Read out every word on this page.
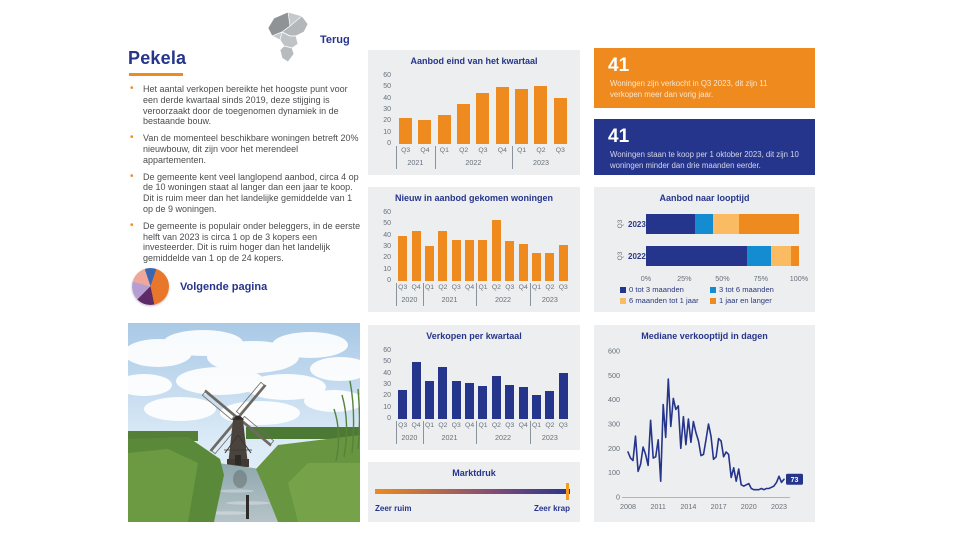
Terug
Pekela
• Het aantal verkopen bereikte het hoogste punt voor een derde kwartaal sinds 2019, deze stijging is veroorzaakt door de toegenomen dynamiek in de bestaande bouw.
• Van de momenteel beschikbare woningen betreft 20% nieuwbouw, dit zijn voor het merendeel appartementen.
• De gemeente kent veel langlopend aanbod, circa 4 op de 10 woningen staat al langer dan een jaar te koop. Dit is ruim meer dan het landelijke gemiddelde van 1 op de 9 woningen.
• De gemeente is populair onder beleggers, in de eerste helft van 2023 is circa 1 op de 3 kopers een investeerder. Dit is ruim hoger dan het landelijk gemiddelde van 1 op de 24 kopers.
Volgende pagina
Aanbod eind van het kwartaal
0
10
20
30
40
50
60
Q3	Q4	Q1	Q2	Q3	Q4	Q1	Q2	Q3
2021	2022	2023
Nieuw in aanbod gekomen woningen
0
10
20
30
40
50
60
Q3 Q4 Q1 Q2 Q3 Q4 Q1 Q2 Q3 Q4 Q1 Q2 Q3
2020	2021	2022	2023
Verkopen per kwartaal
0
10
20
30
40
50
60
Q3 Q4 Q1 Q2 Q3 Q4 Q1 Q2 Q3 Q4 Q1 Q2 Q3
2020	2021	2022	2023
Marktdruk
Zeer ruim	Zeer krap
41
Woningen zijn verkocht in Q3 2023, dit zijn 11 verkopen meer dan vorig jaar.
41
Woningen staan te koop per 1 oktober 2023, dit zijn 10 woningen minder dan drie maanden eerder.
Aanbod naar looptijd
Q3 2023
Q3 2022
0%	25%	50%	75%	100%
0 tot 3 maanden	3 tot 6 maanden
6 maanden tot 1 jaar	1 jaar en langer
Mediane verkooptijd in dagen
0
100
200
300
400
500
600
2008 2011 2014 2017 2020 2023
73
